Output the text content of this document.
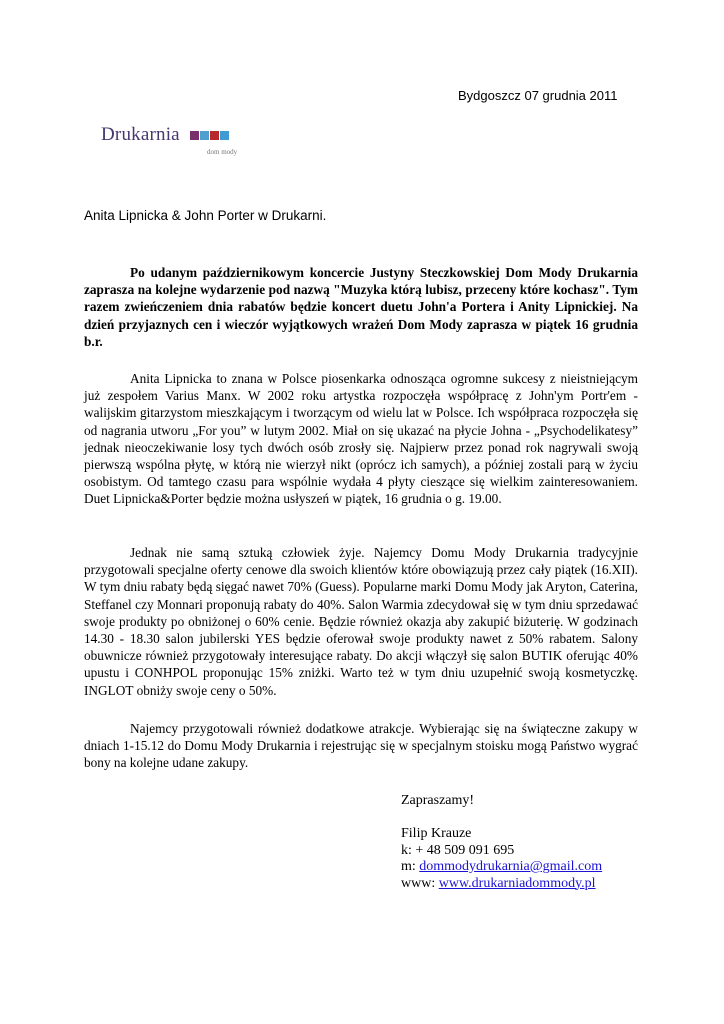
Bydgoszcz 07 grudnia 2011
Drukarnia
dom mody
Anita Lipnicka & John Porter w Drukarni.

Po udanym październikowym koncercie Justyny Steczkowskiej Dom Mody Drukarnia zaprasza na kolejne wydarzenie pod nazwą "Muzyka którą lubisz, przeceny które kochasz". Tym razem zwieńczeniem dnia rabatów będzie koncert duetu John'a Portera i Anity Lipnickiej. Na dzień przyjaznych cen i wieczór wyjątkowych wrażeń Dom Mody zaprasza w piątek 16 grudnia b.r.

Anita Lipnicka to znana w Polsce piosenkarka odnosząca ogromne sukcesy z nieistniejącym już zespołem Varius Manx. W 2002 roku artystka rozpoczęła współpracę z John'ym Portr'em - walijskim gitarzystom mieszkającym i tworzącym od wielu lat w Polsce. Ich współpraca rozpoczęła się od nagrania utworu „For you” w lutym 2002. Miał on się ukazać na płycie Johna - „Psychodelikatesy” jednak nieoczekiwanie losy tych dwóch osób zrosły się. Najpierw przez ponad rok nagrywali swoją pierwszą wspólna płytę, w którą nie wierzył nikt (oprócz ich samych), a później zostali parą w życiu osobistym. Od tamtego czasu para wspólnie wydała 4 płyty cieszące się wielkim zainteresowaniem. Duet Lipnicka&Porter będzie można usłyszeń w piątek, 16 grudnia o g. 19.00.

Jednak nie samą sztuką człowiek żyje. Najemcy Domu Mody Drukarnia tradycyjnie przygotowali specjalne oferty cenowe dla swoich klientów które obowiązują przez cały piątek (16.XII). W tym dniu rabaty będą sięgać nawet 70% (Guess). Popularne marki Domu Mody jak Aryton, Caterina, Steffanel czy Monnari proponują rabaty do 40%. Salon Warmia zdecydował się w tym dniu sprzedawać swoje produkty po obniżonej o 60% cenie. Będzie również okazja aby zakupić biżuterię. W godzinach 14.30 - 18.30 salon jubilerski YES będzie oferował swoje produkty nawet z 50% rabatem. Salony obuwnicze również przygotowały interesujące rabaty. Do akcji włączył się salon BUTIK oferując 40% upustu i CONHPOL proponując 15% zniżki. Warto też w tym dniu uzupełnić swoją kosmetyczkę. INGLOT obniży swoje ceny o 50%.

Najemcy przygotowali również dodatkowe atrakcje. Wybierając się na świąteczne zakupy w dniach 1-15.12 do Domu Mody Drukarnia i rejestrując się w specjalnym stoisku mogą Państwo wygrać bony na kolejne udane zakupy.

Zapraszamy!
Filip Krauze
k: + 48 509 091 695
m: dommodydrukarnia@gmail.com
www: www.drukarniadommody.pl
